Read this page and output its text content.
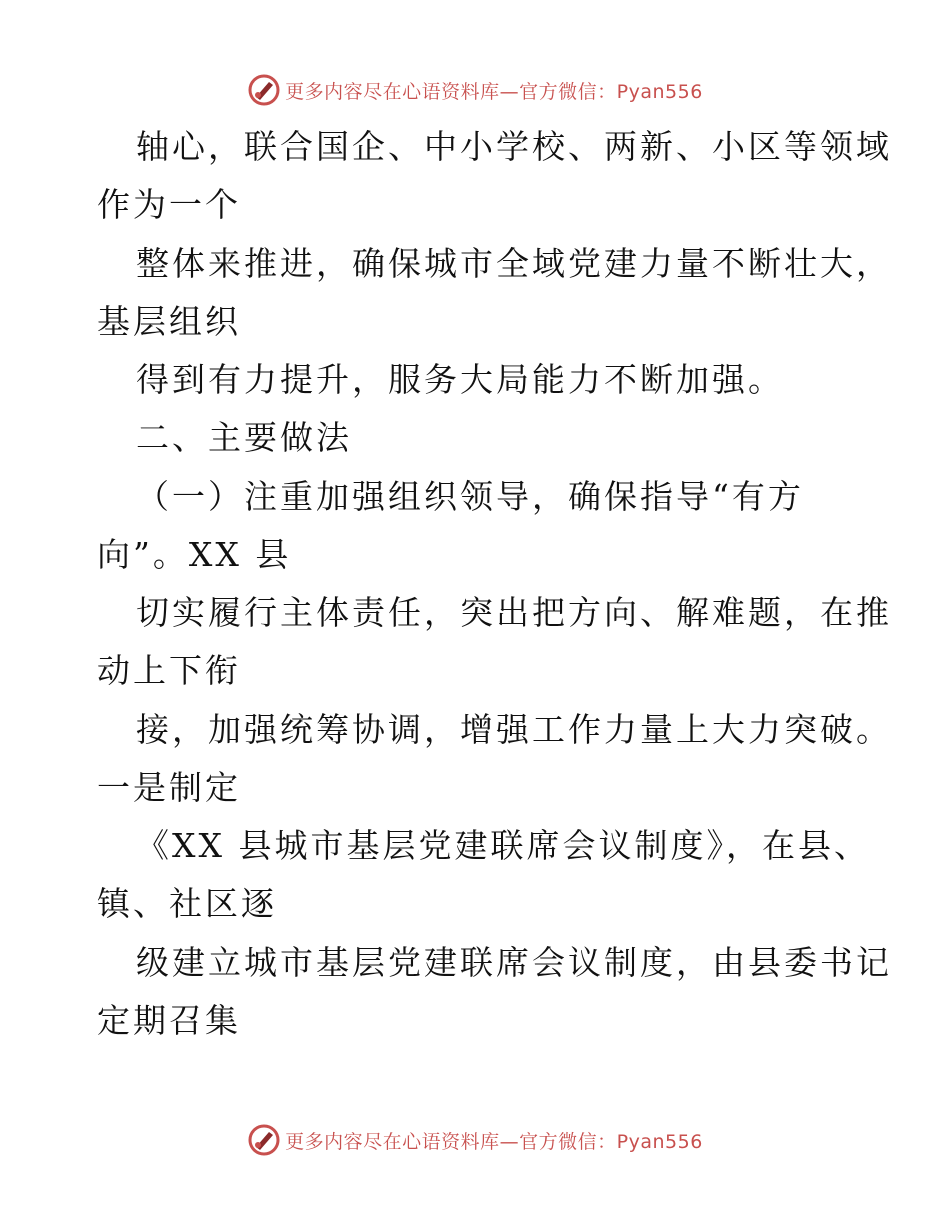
更多内容尽在心语资料库—官方微信：Pyan556
轴心，联合国企、中小学校、两新、小区等领域
作为一个
整体来推进，确保城市全域党建力量不断壮大，
基层组织
得到有力提升，服务大局能力不断加强。
二、主要做法
（一）注重加强组织领导，确保指导“有方
向”。XX 县
切实履行主体责任，突出把方向、解难题，在推
动上下衔
接，加强统筹协调，增强工作力量上大力突破。
一是制定
《XX 县城市基层党建联席会议制度》，在县、
镇、社区逐
级建立城市基层党建联席会议制度，由县委书记
定期召集
更多内容尽在心语资料库—官方微信：Pyan556
